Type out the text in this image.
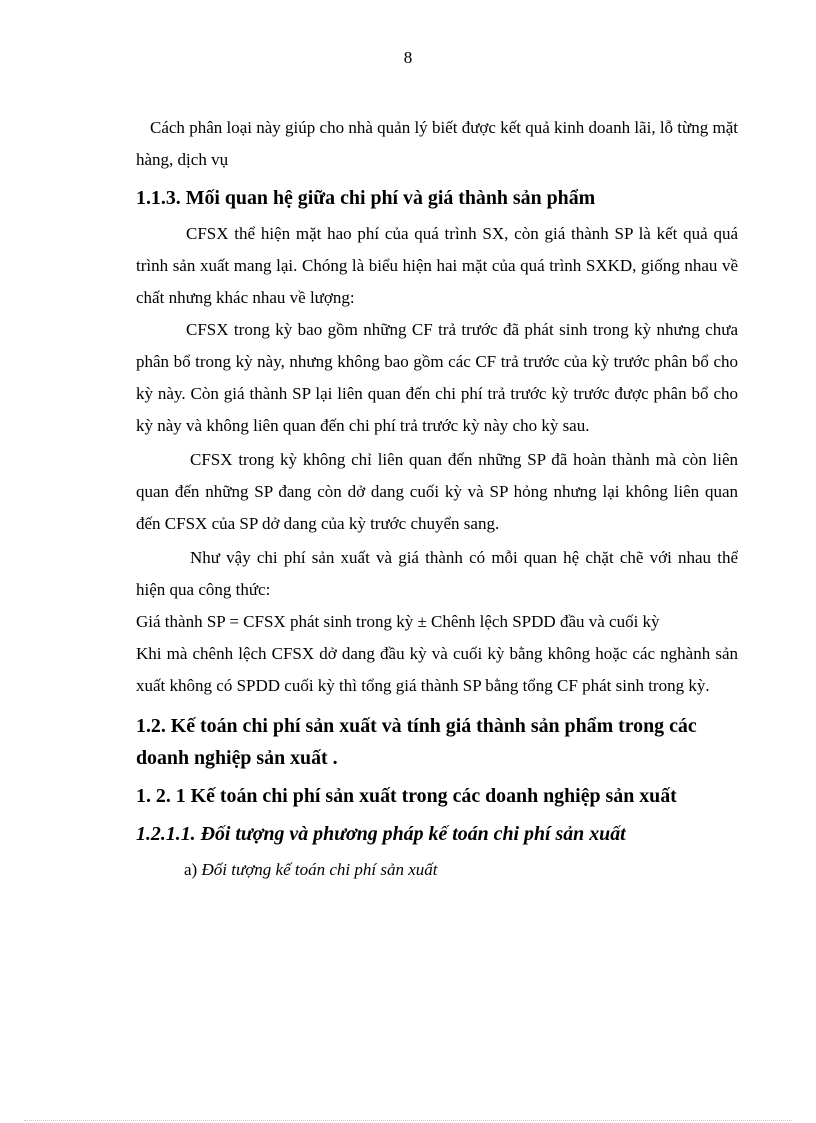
8

Cách phân loại này giúp cho nhà quản lý biết được kết quả kinh doanh lãi, lỗ từng mặt hàng, dịch vụ

1.1.3. Mối quan hệ giữa chi phí và giá thành sản phẩm

CFSX thể hiện mặt hao phí của quá trình SX, còn giá thành SP là kết quả quá trình sản xuất mang lại. Chóng là biểu hiện hai mặt của quá trình SXKD, giống nhau về chất nhưng khác nhau về lượng:

CFSX trong kỳ bao gồm những CF trả trước đã phát sinh trong kỳ nhưng chưa phân bổ trong kỳ này, nhưng không bao gồm các CF trả trước của kỳ trước phân bổ cho kỳ này. Còn giá thành SP lại liên quan đến chi phí trả trước kỳ trước được phân bổ cho kỳ này và không liên quan đến chi phí trả trước kỳ này cho kỳ sau.

CFSX trong kỳ không chỉ liên quan đến những SP đã hoàn thành mà còn liên quan đến những SP đang còn dở dang cuối kỳ và SP hỏng nhưng lại không liên quan đến CFSX của SP dở dang của kỳ trước chuyển sang.

Như vậy chi phí sản xuất và giá thành có mỗi quan hệ chặt chẽ với nhau thể hiện qua công thức:

Giá thành SP = CFSX phát sinh trong kỳ ± Chênh lệch SPDD đầu và cuối kỳ

Khi mà chênh lệch CFSX dở dang đầu kỳ và cuối kỳ bằng không hoặc các nghành sản xuất không có SPDD cuối kỳ thì tổng giá thành SP bằng tổng CF phát sinh trong kỳ.

1.2. Kế toán chi phí sản xuất và tính giá thành sản phẩm trong các doanh nghiệp sản xuất .
1. 2. 1 Kế toán chi phí sản xuất trong các doanh nghiệp sản xuất
1.2.1.1. Đối tượng và phương pháp kế toán chi phí sản xuất
a) Đối tượng kế toán chi phí sản xuất
